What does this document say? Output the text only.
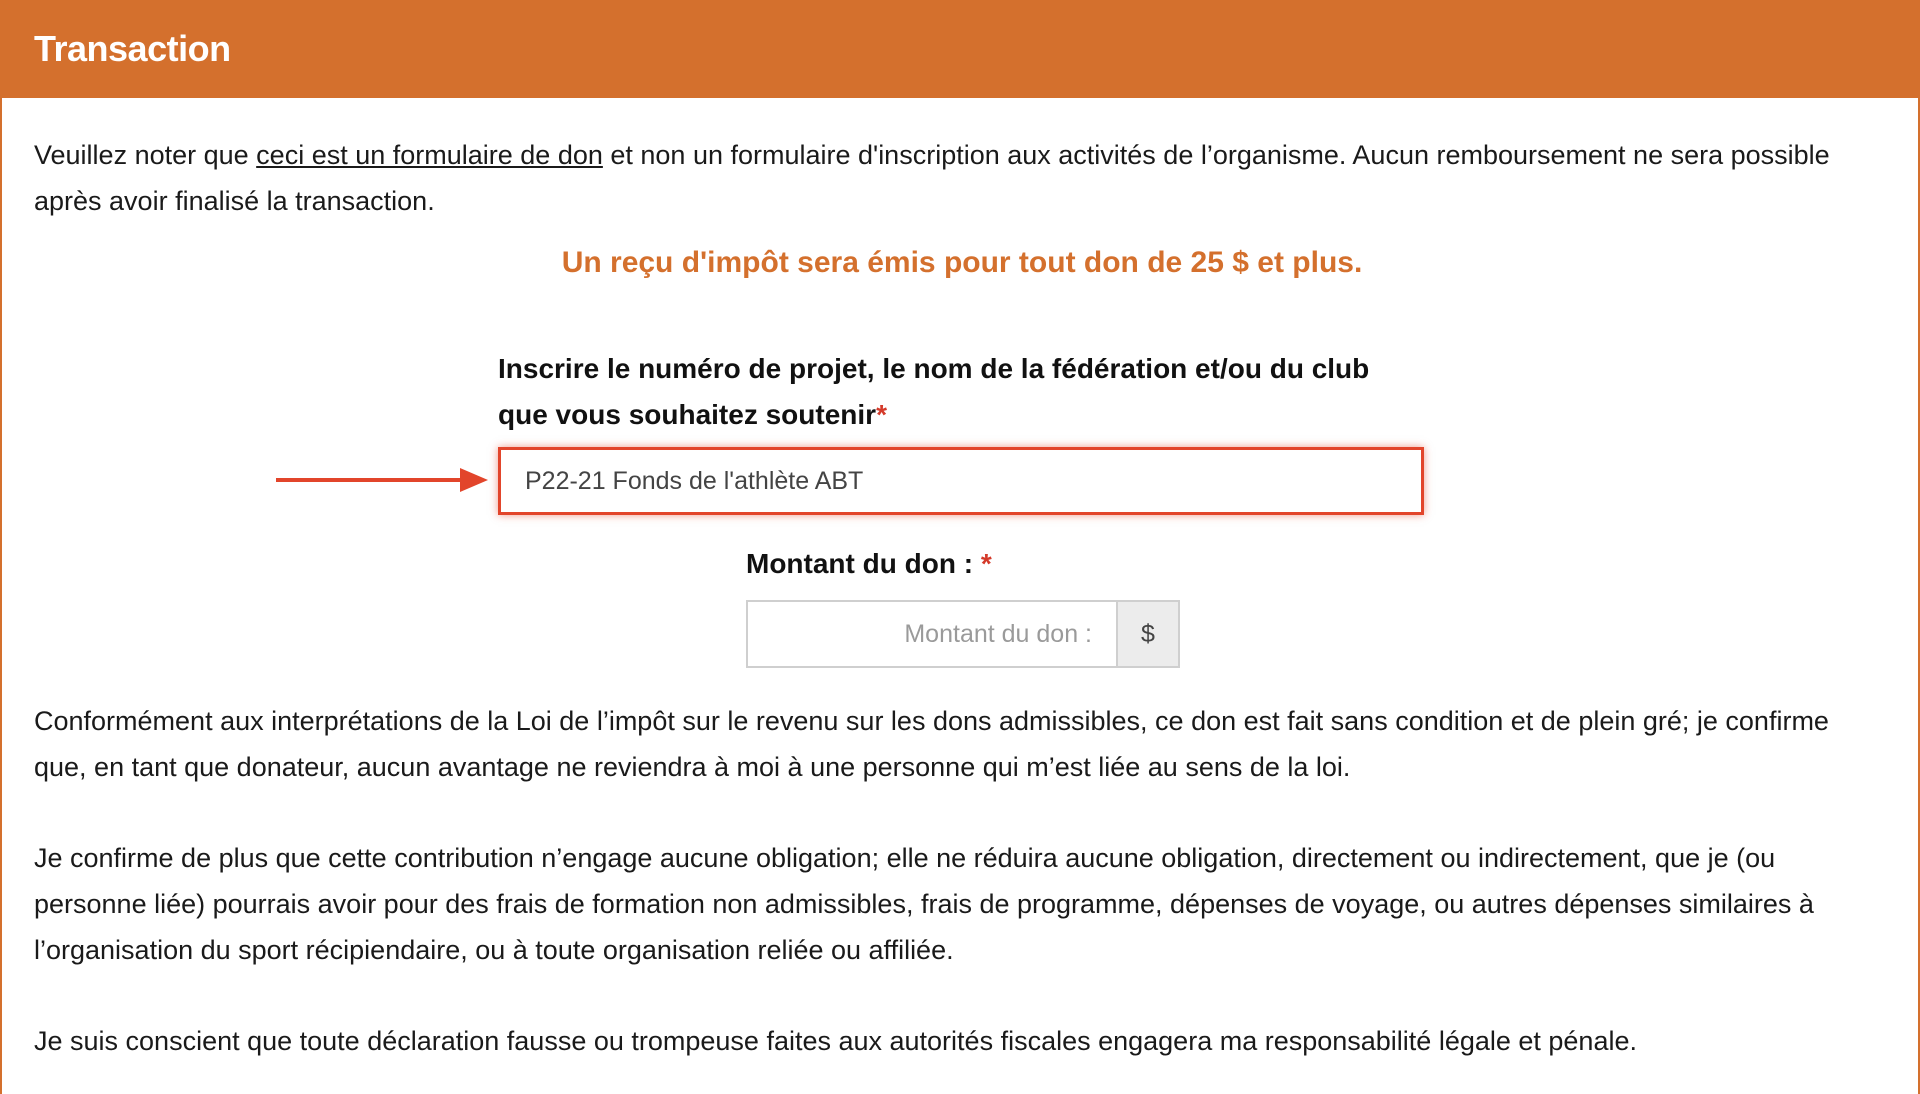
Transaction
Veuillez noter que ceci est un formulaire de don et non un formulaire d'inscription aux activités de l’organisme. Aucun remboursement ne sera possible après avoir finalisé la transaction.
Un reçu d'impôt sera émis pour tout don de 25 $ et plus.
Inscrire le numéro de projet, le nom de la fédération et/ou du club que vous souhaitez soutenir*
P22-21 Fonds de l'athlète ABT
Montant du don : *
Montant du don :
$
Conformément aux interprétations de la Loi de l’impôt sur le revenu sur les dons admissibles, ce don est fait sans condition et de plein gré; je confirme que, en tant que donateur, aucun avantage ne reviendra à moi à une personne qui m’est liée au sens de la loi.
Je confirme de plus que cette contribution n’engage aucune obligation; elle ne réduira aucune obligation, directement ou indirectement, que je (ou personne liée) pourrais avoir pour des frais de formation non admissibles, frais de programme, dépenses de voyage, ou autres dépenses similaires à l’organisation du sport récipiendaire, ou à toute organisation reliée ou affiliée.
Je suis conscient que toute déclaration fausse ou trompeuse faites aux autorités fiscales engagera ma responsabilité légale et pénale.
